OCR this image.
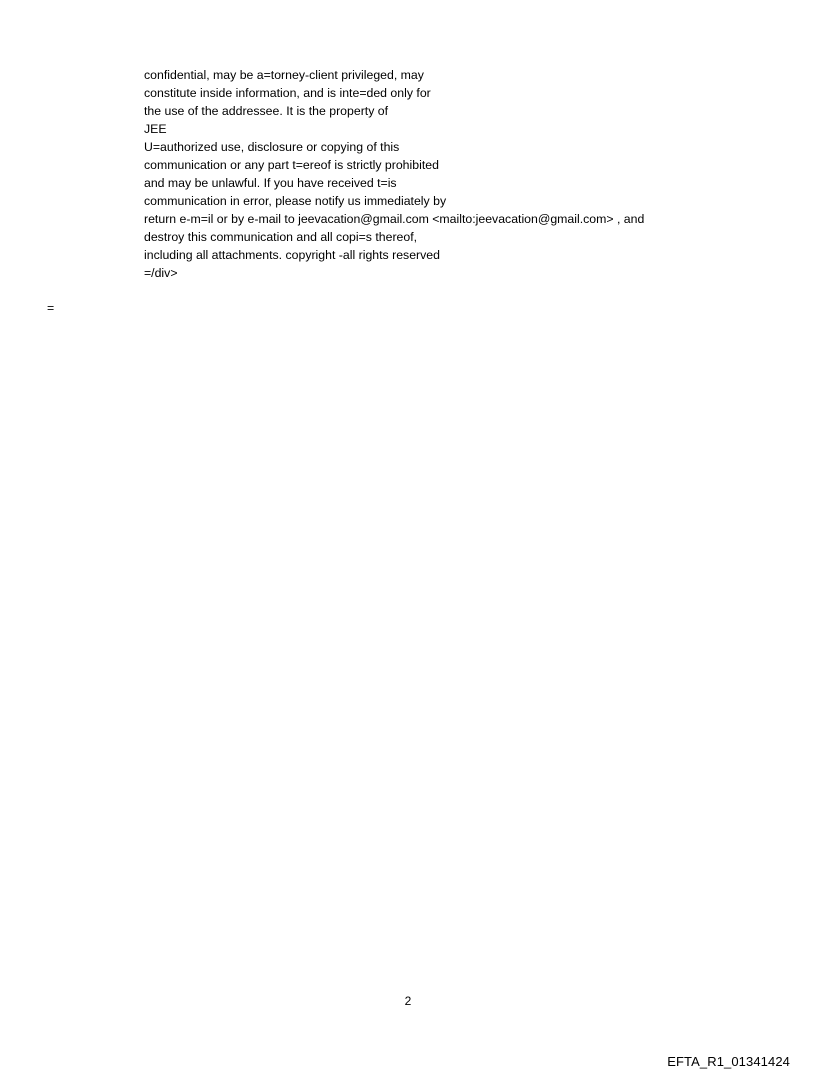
confidential, may be a=torney-client privileged, may
constitute inside information, and is inte=ded only for
the use of the addressee. It is the property of
JEE
U=authorized use, disclosure or copying of this
communication or any part t=ereof is strictly prohibited
and may be unlawful. If you have received t=is
communication in error, please notify us immediately by
return e-m=il or by e-mail to jeevacation@gmail.com <mailto:jeevacation@gmail.com> , and
destroy this communication and all copi=s thereof,
including all attachments. copyright -all rights reserved
=/div>
=
2
EFTA_R1_01341424
